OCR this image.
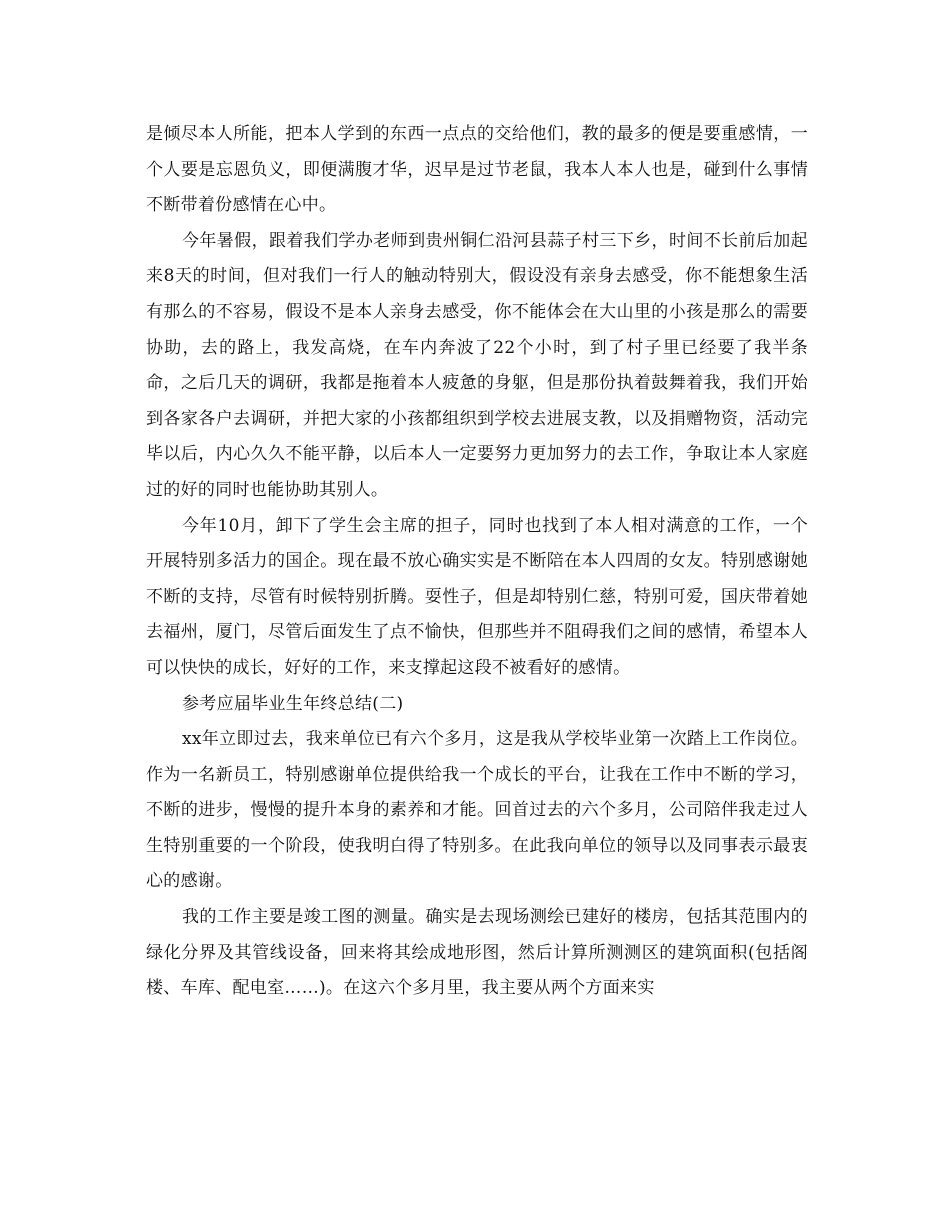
是倾尽本人所能，把本人学到的东西一点点的交给他们，教的最多的便是要重感情，一个人要是忘恩负义，即便满腹才华，迟早是过节老鼠，我本人本人也是，碰到什么事情不断带着份感情在心中。

今年暑假，跟着我们学办老师到贵州铜仁沿河县蒜子村三下乡，时间不长前后加起来8天的时间，但对我们一行人的触动特别大，假设没有亲身去感受，你不能想象生活有那么的不容易，假设不是本人亲身去感受，你不能体会在大山里的小孩是那么的需要协助，去的路上，我发高烧，在车内奔波了22个小时，到了村子里已经要了我半条命，之后几天的调研，我都是拖着本人疲惫的身躯，但是那份执着鼓舞着我，我们开始到各家各户去调研，并把大家的小孩都组织到学校去进展支教，以及捐赠物资，活动完毕以后，内心久久不能平静，以后本人一定要努力更加努力的去工作，争取让本人家庭过的好的同时也能协助其别人。

今年10月，卸下了学生会主席的担子，同时也找到了本人相对满意的工作，一个开展特别多活力的国企。现在最不放心确实实是不断陪在本人四周的女友。特别感谢她不断的支持，尽管有时候特别折腾。耍性子，但是却特别仁慈，特别可爱，国庆带着她去福州，厦门，尽管后面发生了点不愉快，但那些并不阻碍我们之间的感情，希望本人可以快快的成长，好好的工作，来支撑起这段不被看好的感情。

参考应届毕业生年终总结(二)

xx年立即过去，我来单位已有六个多月，这是我从学校毕业第一次踏上工作岗位。作为一名新员工，特别感谢单位提供给我一个成长的平台，让我在工作中不断的学习，不断的进步，慢慢的提升本身的素养和才能。回首过去的六个多月，公司陪伴我走过人生特别重要的一个阶段，使我明白得了特别多。在此我向单位的领导以及同事表示最衷心的感谢。

我的工作主要是竣工图的测量。确实是去现场测绘已建好的楼房，包括其范围内的绿化分界及其管线设备，回来将其绘成地形图，然后计算所测测区的建筑面积(包括阁楼、车库、配电室……)。在这六个多月里，我主要从两个方面来实
